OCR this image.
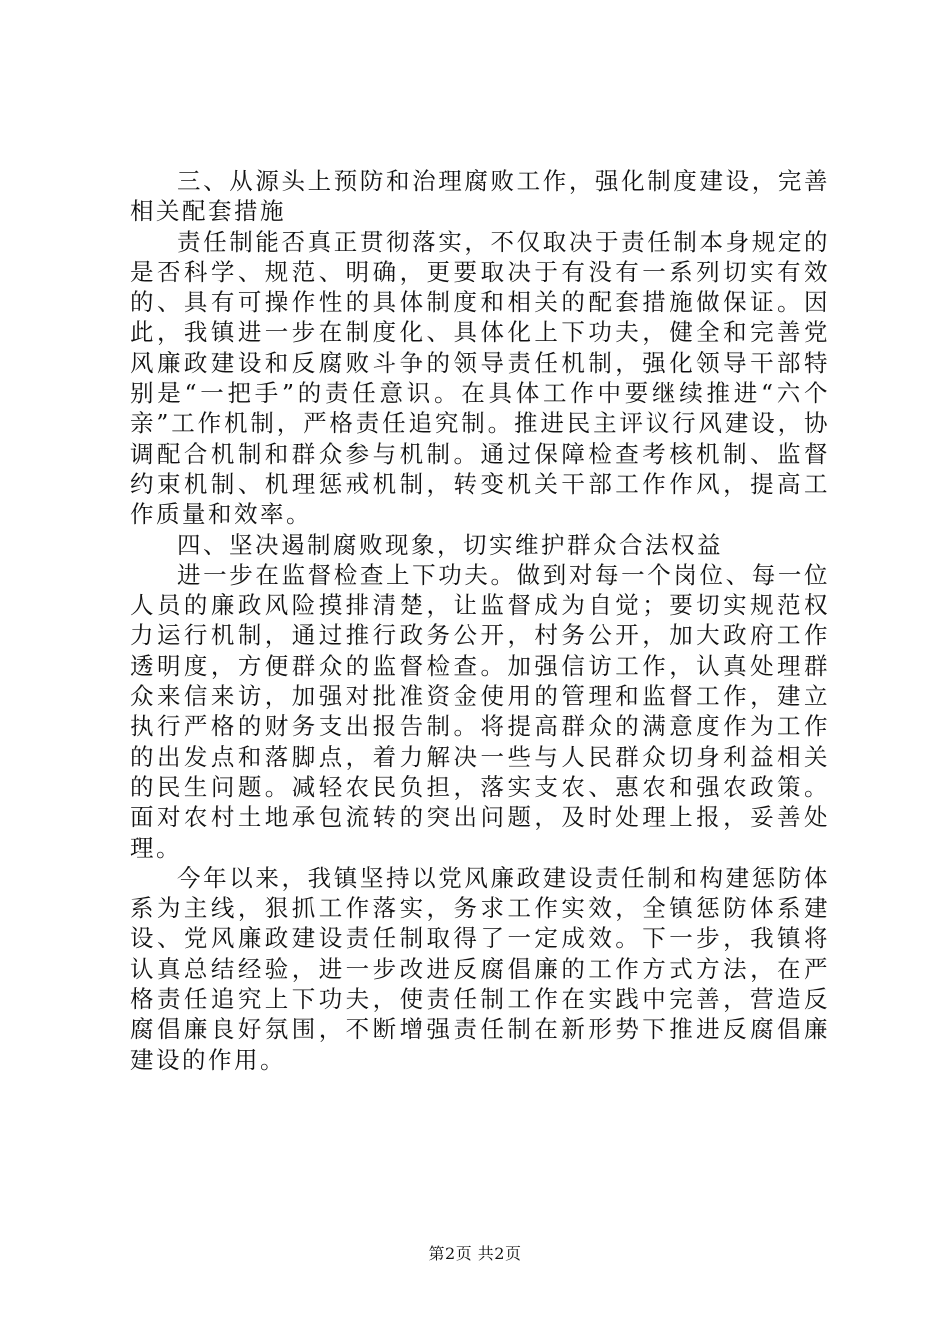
三、从源头上预防和治理腐败工作，强化制度建设，完善相关配套措施

责任制能否真正贯彻落实，不仅取决于责任制本身规定的是否科学、规范、明确，更要取决于有没有一系列切实有效的、具有可操作性的具体制度和相关的配套措施做保证。因此，我镇进一步在制度化、具体化上下功夫，健全和完善党风廉政建设和反腐败斗争的领导责任机制，强化领导干部特别是“一把手”的责任意识。在具体工作中要继续推进“六个亲”工作机制，严格责任追究制。推进民主评议行风建设，协调配合机制和群众参与机制。通过保障检查考核机制、监督约束机制、机理惩戒机制，转变机关干部工作作风，提高工作质量和效率。

四、坚决遏制腐败现象，切实维护群众合法权益

进一步在监督检查上下功夫。做到对每一个岗位、每一位人员的廉政风险摸排清楚，让监督成为自觉；要切实规范权力运行机制，通过推行政务公开，村务公开，加大政府工作透明度，方便群众的监督检查。加强信访工作，认真处理群众来信来访，加强对批准资金使用的管理和监督工作，建立执行严格的财务支出报告制。将提高群众的满意度作为工作的出发点和落脚点，着力解决一些与人民群众切身利益相关的民生问题。减轻农民负担，落实支农、惠农和强农政策。面对农村土地承包流转的突出问题，及时处理上报，妥善处理。

今年以来，我镇坚持以党风廉政建设责任制和构建惩防体系为主线，狠抓工作落实，务求工作实效，全镇惩防体系建设、党风廉政建设责任制取得了一定成效。下一步，我镇将认真总结经验，进一步改进反腐倡廉的工作方式方法，在严格责任追究上下功夫，使责任制工作在实践中完善，营造反腐倡廉良好氛围，不断增强责任制在新形势下推进反腐倡廉建设的作用。

第2页 共2页
